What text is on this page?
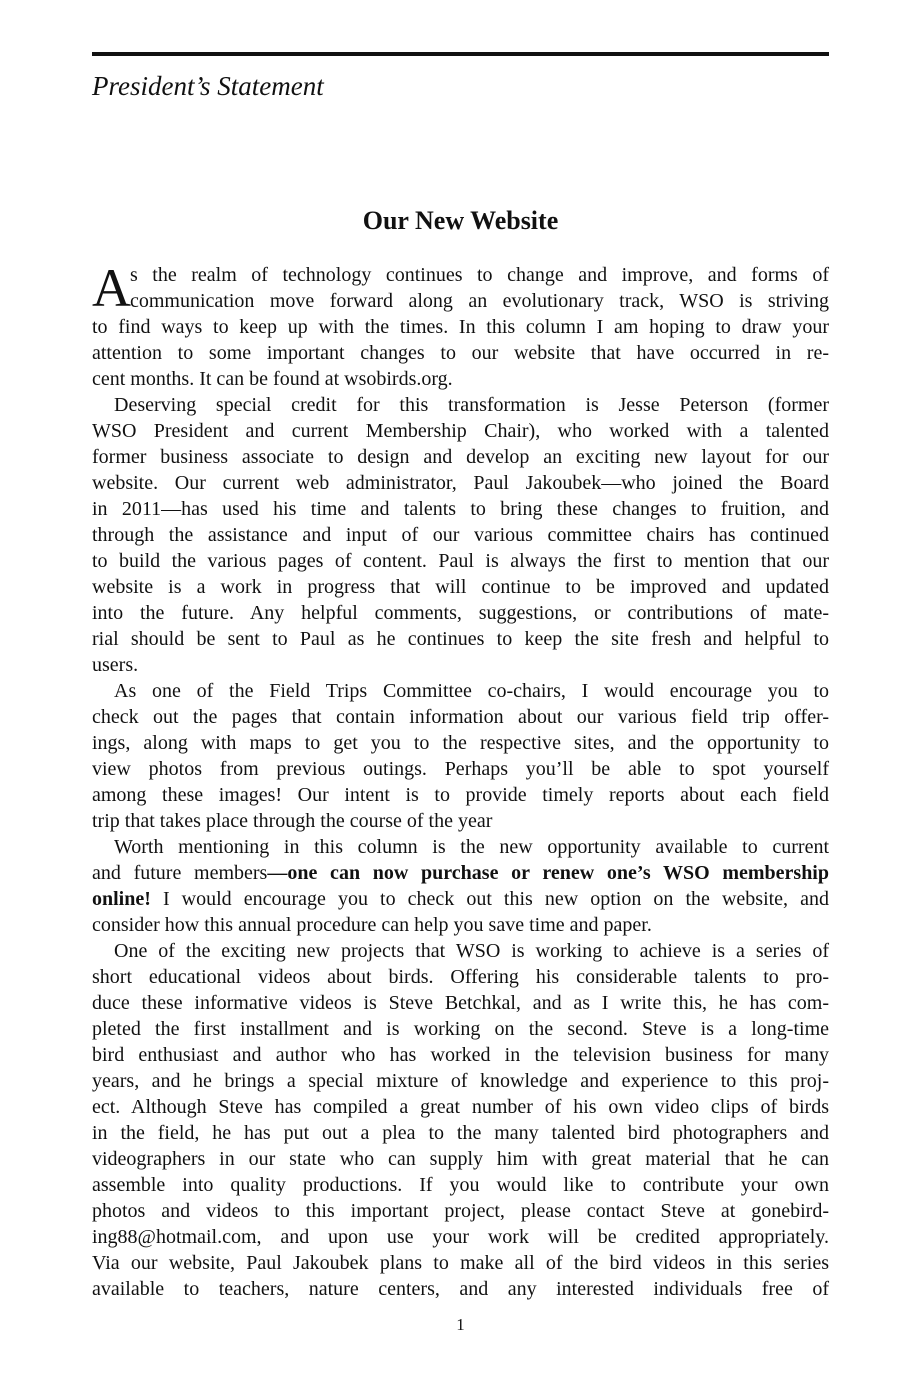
President’s Statement
Our New Website
A s the realm of technology continues to change and improve, and forms of
communication move forward along an evolutionary track, WSO is striving
to find ways to keep up with the times. In this column I am hoping to draw your
attention to some important changes to our website that have occurred in re-
cent months. It can be found at wsobirds.org.
Deserving special credit for this transformation is Jesse Peterson (former
WSO President and current Membership Chair), who worked with a talented
former business associate to design and develop an exciting new layout for our
website. Our current web administrator, Paul Jakoubek—who joined the Board
in 2011—has used his time and talents to bring these changes to fruition, and
through the assistance and input of our various committee chairs has continued
to build the various pages of content. Paul is always the first to mention that our
website is a work in progress that will continue to be improved and updated
into the future. Any helpful comments, suggestions, or contributions of mate-
rial should be sent to Paul as he continues to keep the site fresh and helpful to
users.
As one of the Field Trips Committee co-chairs, I would encourage you to
check out the pages that contain information about our various field trip offer-
ings, along with maps to get you to the respective sites, and the opportunity to
view photos from previous outings. Perhaps you’ll be able to spot yourself
among these images! Our intent is to provide timely reports about each field
trip that takes place through the course of the year
Worth mentioning in this column is the new opportunity available to current
and future members—one can now purchase or renew one’s WSO membership
online! I would encourage you to check out this new option on the website, and
consider how this annual procedure can help you save time and paper.
One of the exciting new projects that WSO is working to achieve is a series of
short educational videos about birds. Offering his considerable talents to pro-
duce these informative videos is Steve Betchkal, and as I write this, he has com-
pleted the first installment and is working on the second. Steve is a long-time
bird enthusiast and author who has worked in the television business for many
years, and he brings a special mixture of knowledge and experience to this proj-
ect. Although Steve has compiled a great number of his own video clips of birds
in the field, he has put out a plea to the many talented bird photographers and
videographers in our state who can supply him with great material that he can
assemble into quality productions. If you would like to contribute your own
photos and videos to this important project, please contact Steve at gonebird-
ing88@hotmail.com, and upon use your work will be credited appropriately.
Via our website, Paul Jakoubek plans to make all of the bird videos in this series
available to teachers, nature centers, and any interested individuals free of
1
